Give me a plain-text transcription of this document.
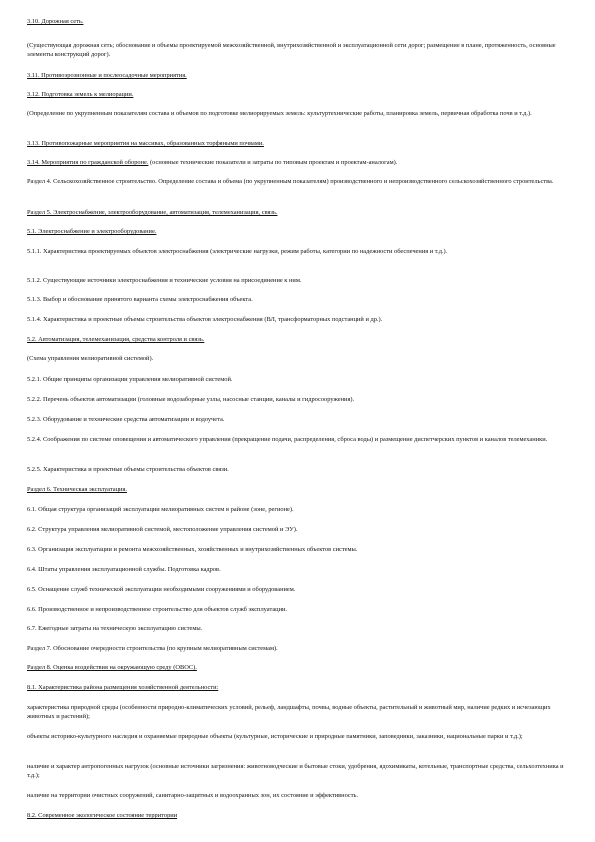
3.10. Дорожная сеть.

(Существующая дорожная сеть; обоснование и объемы проектируемой межхозяйственной, внутрихозяйственной и эксплуатационной сети дорог; размещение в плане, протяженность, основные элементы конструкций дорог).

3.11. Противоэрозионные и послеосадочные мероприятия.

3.12. Подготовка земель к мелиорации.

(Определение по укрупненным показателям состава и объемов по подготовке мелиорируемых земель: культуртехнические работы, планировка земель, первичная обработка почв и т.д.).

3.13. Противопожарные мероприятия на массивах, образованных торфяными почвами.

3.14. Мероприятия по гражданской обороне. (основные технические показатели и затраты по типовым проектам и проектам-аналогам).

Раздел 4. Сельскохозяйственное строительство. Определение состава и объема (по укрупненным показателям) производственного и непроизводственного сельскохозяйственного строительства.

Раздел 5. Электроснабжение, электрооборудование, автоматизация, телемеханизация, связь.

5.1. Электроснабжение и электрооборудование.

5.1.1. Характеристика проектируемых объектов электроснабжения (электрические нагрузки, режим работы, категории по надежности обеспечения и т.д.).

5.1.2. Существующие источники электроснабжения и технические условия на присоединение к ним.

5.1.3. Выбор и обоснование принятого варианта схемы электроснабжения объекта.

5.1.4. Характеристика и проектные объемы строительства объектов электроснабжения (ВЛ, трансформаторных подстанций и др.).

5.2. Автоматизация, телемеханизация, средства контроля и связь.

(Схема управления мелиоративной системой).

5.2.1. Общие принципы организации управления мелиоративной системой.

5.2.2. Перечень объектов автоматизации (головные водозаборные узлы, насосные станции, каналы и гидросооружения).

5.2.3. Оборудование и технические средства автоматизации и водоучета.

5.2.4. Соображения по системе оповещения и автоматического управления (прекращение подачи, распределения, сброса воды) и размещение диспетчерских пунктов и каналов телемеханики.

5.2.5. Характеристика и проектные объемы строительства объектов связи.

Раздел 6. Техническая эксплуатация.

6.1. Общая структура организаций эксплуатации мелиоративных систем в районе (зоне, регионе).

6.2. Структура управления мелиоративной системой, местоположение управления системой и ЭУ).

6.3. Организация эксплуатации и ремонта межхозяйственных, хозяйственных и внутрихозяйственных объектов системы.

6.4. Штаты управления эксплуатационной службы. Подготовка кадров.

6.5. Оснащение служб технической эксплуатации необходимыми сооружениями и оборудованием.

6.6. Производственное и непроизводственное строительство для объектов служб эксплуатации.

6.7. Ежегодные затраты на техническую эксплуатацию системы.

Раздел 7. Обоснование очередности строительства (по крупным мелиоративным системам).

Раздел 8. Оценка воздействия на окружающую среду (ОВОС).

8.1. Характеристика района размещения хозяйственной деятельности:

характеристика природной среды (особенности природно-климатических условий, рельеф, ландшафты, почвы, водные объекты, растительный и животный мир, наличие редких и исчезающих животных и растений);

объекты историко-культурного наследия и охраняемые природные объекты (культурные, исторические и природные памятники, заповедники, заказники, национальные парки и т.д.);

наличие и характер антропогенных нагрузок (основные источники загрязнения: животноводческие и бытовые стоки, удобрения, ядохимикаты, котельные, транспортные средства, сельхозтехника и т.д.);

наличие на территории очистных сооружений, санитарно-защитных и водоохранных зон, их состояние и эффективность.

8.2. Современное экологическое состояние территории
